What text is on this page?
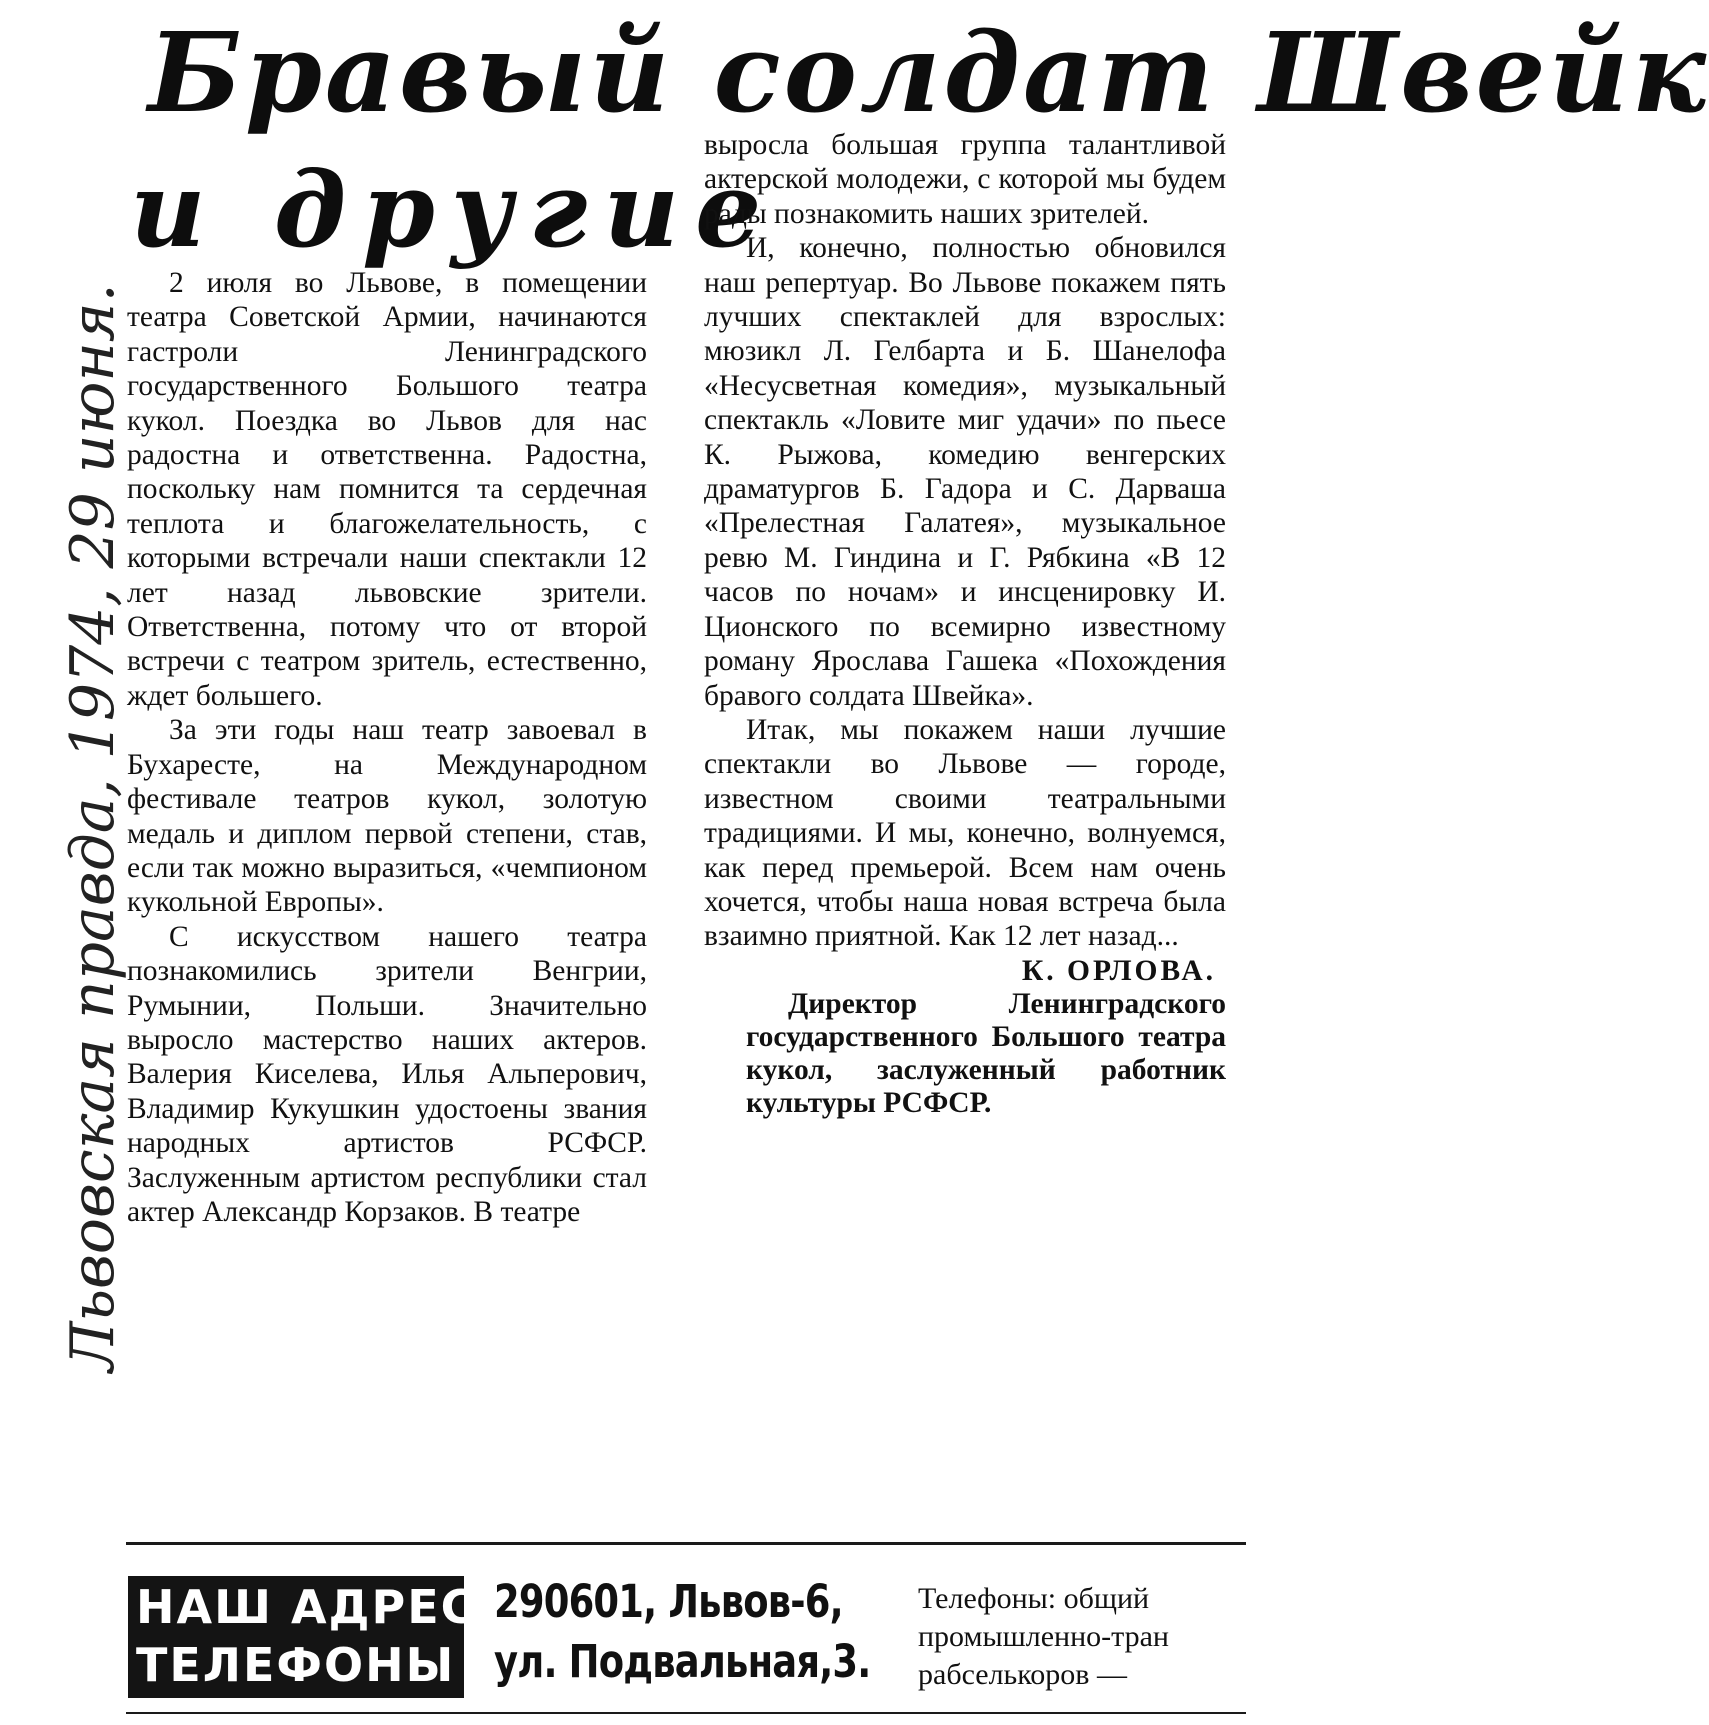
Бравый солдат Швейк
и другие
Львовская правда, 1974, 29 июня.

2 июля во Львове, в помещении театра Советской Армии, начинаются гастроли Ленинградского государственного Большого театра кукол. Поездка во Львов для нас радостна и ответственна. Радостна, поскольку нам помнится та сердечная теплота и благожелательность, с которыми встречали наши спектакли 12 лет назад львовские зрители. Ответственна, потому что от второй встречи с театром зритель, естественно, ждет большего.

За эти годы наш театр завоевал в Бухаресте, на Международном фестивале театров кукол, золотую медаль и диплом первой степени, став, если так можно выразиться, «чемпионом кукольной Европы».

С искусством нашего театра познакомились зрители Венгрии, Румынии, Польши. Значительно выросло мастерство наших актеров. Валерия Киселева, Илья Альперович, Владимир Кукушкин удостоены звания народных артистов РСФСР. Заслуженным артистом республики стал актер Александр Корзаков. В театре

выросла большая группа талантливой актерской молодежи, с которой мы будем рады познакомить наших зрителей.

И, конечно, полностью обновился наш репертуар. Во Львове покажем пять лучших спектаклей для взрослых: мюзикл Л. Гелбарта и Б. Шанелофа «Несусветная комедия», музыкальный спектакль «Ловите миг удачи» по пьесе К. Рыжова, комедию венгерских драматургов Б. Гадора и С. Дарваша «Прелестная Галатея», музыкальное ревю М. Гиндина и Г. Рябкина «В 12 часов по ночам» и инсценировку И. Ционского по всемирно известному роману Ярослава Гашека «Похождения бравого солдата Швейка».

Итак, мы покажем наши лучшие спектакли во Львове — городе, известном своими театральными традициями. И мы, конечно, волнуемся, как перед премьерой. Всем нам очень хочется, чтобы наша новая встреча была взаимно приятной. Как 12 лет назад...

К. ОРЛОВА.

Директор Ленинградского государственного Большого театра кукол, заслуженный работник культуры РСФСР.

НАШ АДРЕС,
ТЕЛЕФОНЫ
290601, Львов-6,
ул. Подвальная,3.
Телефоны: общий
промышленно-тран
рабселькоров —
